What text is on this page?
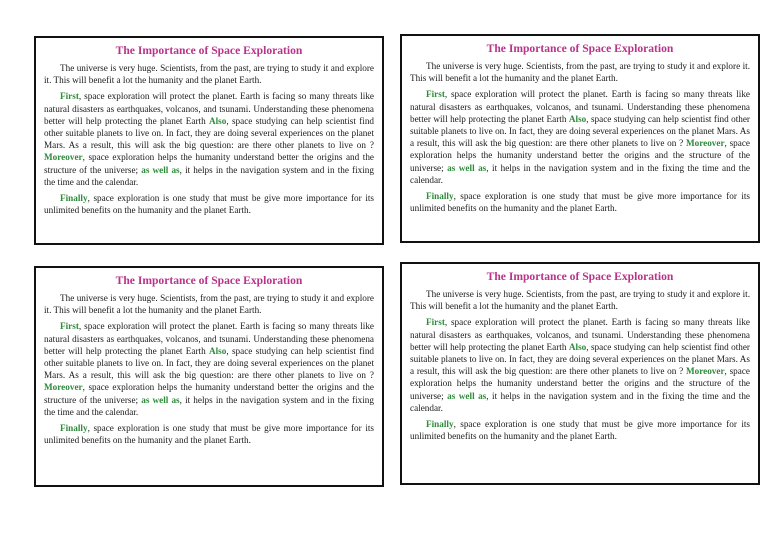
The Importance of Space Exploration

The universe is very huge. Scientists, from the past, are trying to study it and explore it. This will benefit a lot the humanity and the planet Earth.

First, space exploration will protect the planet. Earth is facing so many threats like natural disasters as earthquakes, volcanos, and tsunami. Understanding these phenomena better will help protecting the planet Earth Also, space studying can help scientist find other suitable planets to live on. In fact, they are doing several experiences on the planet Mars. As a result, this will ask the big question: are there other planets to live on ? Moreover, space exploration helps the humanity understand better the origins and the structure of the universe; as well as, it helps in the navigation system and in the fixing the time and the calendar.

Finally, space exploration is one study that must be give more importance for its unlimited benefits on the humanity and the planet Earth.

The Importance of Space Exploration

The universe is very huge. Scientists, from the past, are trying to study it and explore it. This will benefit a lot the humanity and the planet Earth.

First, space exploration will protect the planet. Earth is facing so many threats like natural disasters as earthquakes, volcanos, and tsunami. Understanding these phenomena better will help protecting the planet Earth Also, space studying can help scientist find other suitable planets to live on. In fact, they are doing several experiences on the planet Mars. As a result, this will ask the big question: are there other planets to live on ? Moreover, space exploration helps the humanity understand better the origins and the structure of the universe; as well as, it helps in the navigation system and in the fixing the time and the calendar.

Finally, space exploration is one study that must be give more importance for its unlimited benefits on the humanity and the planet Earth.

The Importance of Space Exploration

The universe is very huge. Scientists, from the past, are trying to study it and explore it. This will benefit a lot the humanity and the planet Earth.

First, space exploration will protect the planet. Earth is facing so many threats like natural disasters as earthquakes, volcanos, and tsunami. Understanding these phenomena better will help protecting the planet Earth Also, space studying can help scientist find other suitable planets to live on. In fact, they are doing several experiences on the planet Mars. As a result, this will ask the big question: are there other planets to live on ? Moreover, space exploration helps the humanity understand better the origins and the structure of the universe; as well as, it helps in the navigation system and in the fixing the time and the calendar.

Finally, space exploration is one study that must be give more importance for its unlimited benefits on the humanity and the planet Earth.

The Importance of Space Exploration

The universe is very huge. Scientists, from the past, are trying to study it and explore it. This will benefit a lot the humanity and the planet Earth.

First, space exploration will protect the planet. Earth is facing so many threats like natural disasters as earthquakes, volcanos, and tsunami. Understanding these phenomena better will help protecting the planet Earth Also, space studying can help scientist find other suitable planets to live on. In fact, they are doing several experiences on the planet Mars. As a result, this will ask the big question: are there other planets to live on ? Moreover, space exploration helps the humanity understand better the origins and the structure of the universe; as well as, it helps in the navigation system and in the fixing the time and the calendar.

Finally, space exploration is one study that must be give more importance for its unlimited benefits on the humanity and the planet Earth.
